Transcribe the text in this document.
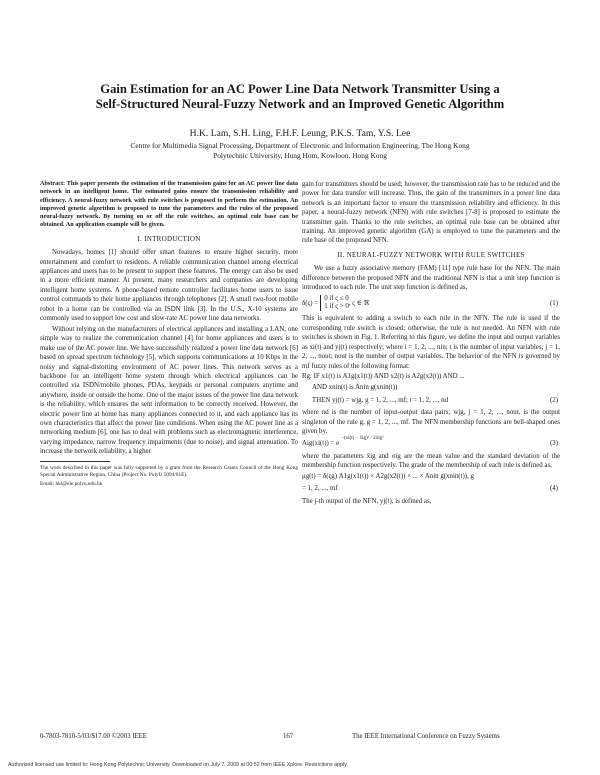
Gain Estimation for an AC Power Line Data Network Transmitter Using a
Self-Structured Neural-Fuzzy Network and an Improved Genetic Algorithm
H.K. Lam, S.H. Ling, F.H.F. Leung, P.K.S. Tam, Y.S. Lee
Centre for Multimedia Signal Processing, Department of Electronic and Information Engineering, The Hong Kong
Polytechnic University, Hung Hom, Kowloon, Hong Kong

Abstract: This paper presents the estimation of the transmission gains for an AC power line data network in an intelligent home. The estimated gains ensure the transmission reliability and efficiency. A neural-fuzzy network with rule switches is proposed to perform the estimation. An improved genetic algorithm is proposed to tune the parameters and the rules of the proposed neural-fuzzy network. By turning on or off the rule switches, an optimal rule base can be obtained. An application example will be given.

I. INTRODUCTION

Nowadays, homes [1] should offer smart features to ensure higher security, more entertainment and comfort to residents. A reliable communication channel among electrical appliances and users has to be present to support these features. The energy can also be used in a more efficient manner. At present, many researchers and companies are developing intelligent home systems. A phone-based remote controller facilitates home users to issue control commands to their home appliances through telephones [2]. A small two-foot mobile robot in a home can be controlled via an ISDN link [3]. In the U.S., X-10 systems are commonly used to support low cost and slow-rate AC power line data networks.

Without relying on the manufacturers of electrical appliances and installing a LAN, one simple way to realize the communication channel [4] for home appliances and users is to make use of the AC power line. We have successfully realized a power line data network [6] based on spread spectrum technology [5], which supports communications at 10 Kbps in the noisy and signal-distorting environment of AC power lines. This network serves as a backbone for an intelligent home system through which electrical appliances can be controlled via ISDN/mobile phones, PDAs, keypads or personal computers anytime and anywhere, inside or outside the home. One of the major issues of the power line data network is the reliability, which ensures the sent information to be correctly received. However, the electric power line at home has many appliances connected to it, and each appliance has its own characteristics that affect the power line conditions. When using the AC power line as a networking medium [6], one has to deal with problems such as electromagnetic interference, varying impedance, narrow frequency impairments (due to noise), and signal attenuation. To increase the network reliability, a higher

The work described in this paper was fully supported by a grant from the Research Grants Council of the Hong Kong Special Administrative Region, China (Project No. PolyU 5094/01E).

Email: hkl@eie.polyu.edu.hk

gain for transmitters should be used; however, the transmission rate has to be reduced and the power for data transfer will increase. Thus, the gain of the transmitters in a power line data network is an important factor to ensure the transmission reliability and efficiency. In this paper, a neural-fuzzy network (NFN) with rule switches [7-8] is proposed to estimate the transmitter gain. Thanks to the rule switches, an optimal rule base can be obtained after training. An improved genetic algorithm (GA) is employed to tune the parameters and the rule base of the proposed NFN.

II. NEURAL-FUZZY NETWORK WITH RULE SWITCHES

We use a fuzzy associative memory (FAM) [11] type rule base for the NFN. The main difference between the proposed NFN and the traditional NFN is that a unit step function is introduced to each rule. The unit step function is defined as,

δ(ς) =
0 if ς ≤ 0
1 if ς > 0
, ς ∈ ℜ	(1)

This is equivalent to adding a switch to each rule in the NFN. The rule is used if the corresponding rule switch is closed; otherwise, the rule is not needed. An NFN with rule switches is shown in Fig. 1. Referring to this figure, we define the input and output variables as xi(t) and yj(t) respectively; where i = 1, 2, ..., nin; t is the number of input variables; j = 1, 2, ..., nout; nout is the number of output variables. The behavior of the NFN is governed by mf fuzzy rules of the following format:

Rg: IF x1(t) is A1g(x1(t)) AND x2(t) is A2g(x2(t)) AND ...

AND xnin(t) is Anin g(xnin(t))

THEN yj(t) = wjg, g = 1, 2, ..., mf; t = 1, 2, ..., nd	(2)

where nd is the number of input-output data pairs; wjg, j = 1, 2, ..., nout, is the output singleton of the rule g, g = 1, 2, ..., mf. The NFN membership functions are bell-shaped ones given by,

Aig(xi(t)) = e
−(xi(t) − x̄ig)² / 2σig²
(3)

where the parameters x̄ig and σig are the mean value and the standard deviation of the membership function respectively. The grade of the membership of each rule is defined as,

μg(t) = δ(ςg) A1g(x1(t)) × A2g(x2(t)) × ... × Anin g(xnin(t)), g

= 1, 2, ..., mf	(4)

The j-th output of the NFN, yj(t), is defined as,

0-7803-7810-5/03/$17.00 ©2003 IEEE	167	The IEEE International Conference on Fuzzy Systems
Authorized licensed use limited to: Hong Kong Polytechnic University. Downloaded on July 7, 2009 at 00:52 from IEEE Xplore. Restrictions apply.
